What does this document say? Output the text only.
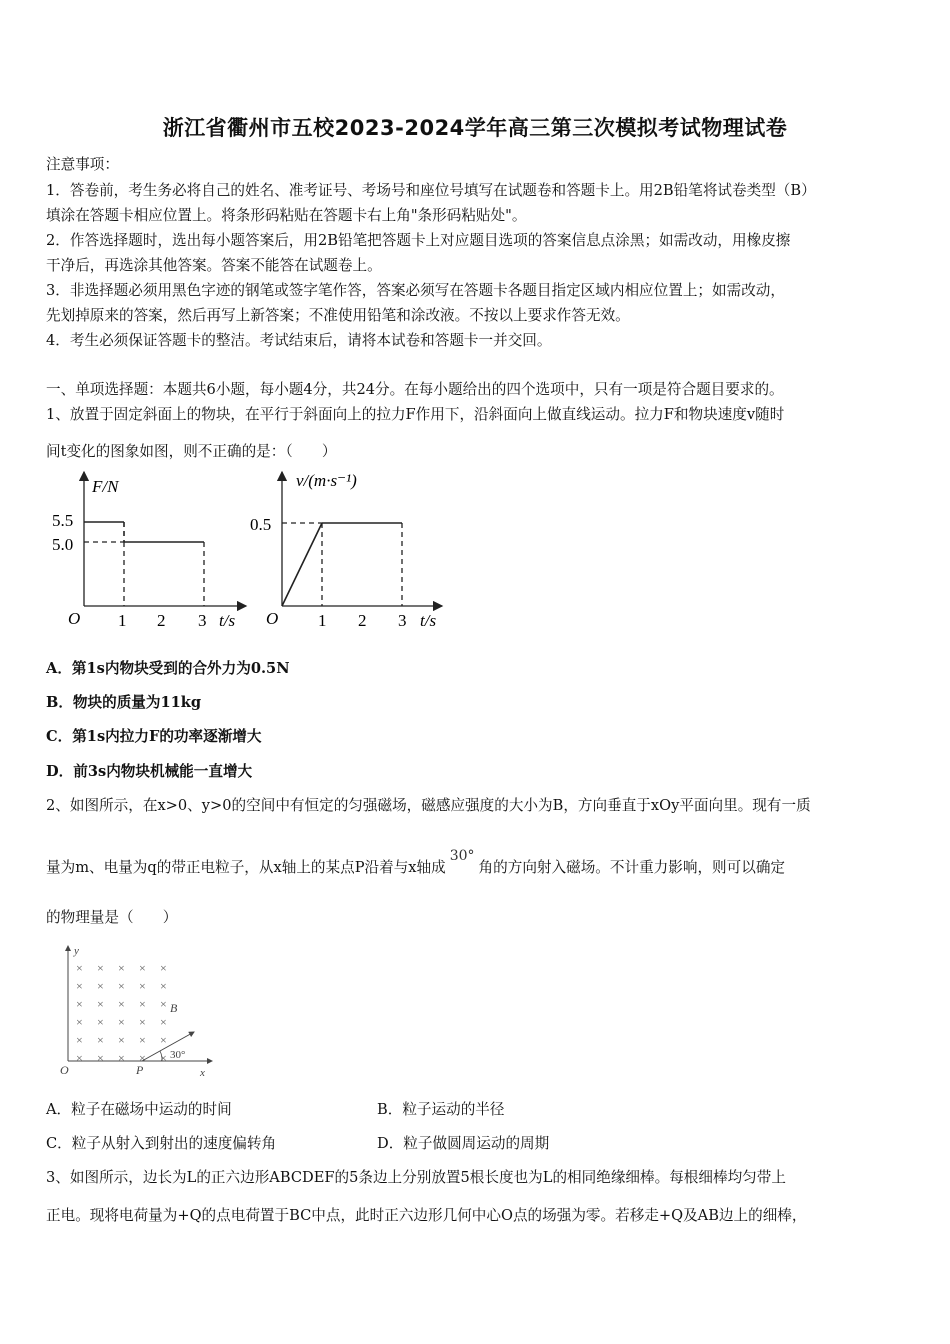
浙江省衢州市五校2023-2024学年高三第三次模拟考试物理试卷
注意事项：
1．答卷前，考生务必将自己的姓名、准考证号、考场号和座位号填写在试题卷和答题卡上。用2B铅笔将试卷类型（B）
填涂在答题卡相应位置上。将条形码粘贴在答题卡右上角"条形码粘贴处"。
2．作答选择题时，选出每小题答案后，用2B铅笔把答题卡上对应题目选项的答案信息点涂黑；如需改动，用橡皮擦
干净后，再选涂其他答案。答案不能答在试题卷上。
3．非选择题必须用黑色字迹的钢笔或签字笔作答，答案必须写在答题卡各题目指定区域内相应位置上；如需改动，
先划掉原来的答案，然后再写上新答案；不准使用铅笔和涂改液。不按以上要求作答无效。
4．考生必须保证答题卡的整洁。考试结束后，请将本试卷和答题卡一并交回。
一、单项选择题：本题共6小题，每小题4分，共24分。在每小题给出的四个选项中，只有一项是符合题目要求的。
1、放置于固定斜面上的物块，在平行于斜面向上的拉力F作用下，沿斜面向上做直线运动。拉力F和物块速度v随时
间t变化的图象如图，则不正确的是：（　　）
F/N
5.5
5.0
O 1 2 3 t/s
v/(m·s⁻¹)
0.5
O 1 2 3 t/s
A．第1s内物块受到的合外力为0.5N
B．物块的质量为11kg
C．第1s内拉力F的功率逐渐增大
D．前3s内物块机械能一直增大
2、如图所示，在x>0、y>0的空间中有恒定的匀强磁场，磁感应强度的大小为B，方向垂直于xOy平面向里。现有一质
量为m、电量为q的带正电粒子，从x轴上的某点P沿着与x轴成30°角的方向射入磁场。不计重力影响，则可以确定
的物理量是（　　）
y
x
O	P
B
30°
× × × × ×
× × × × ×
× × × × ×
× × × × ×
× × × × ×
× × × × ×
A．粒子在磁场中运动的时间	B．粒子运动的半径
C．粒子从射入到射出的速度偏转角	D．粒子做圆周运动的周期
3、如图所示，边长为L的正六边形ABCDEF的5条边上分别放置5根长度也为L的相同绝缘细棒。每根细棒均匀带上
正电。现将电荷量为+Q的点电荷置于BC中点，此时正六边形几何中心O点的场强为零。若移走+Q及AB边上的细棒，
